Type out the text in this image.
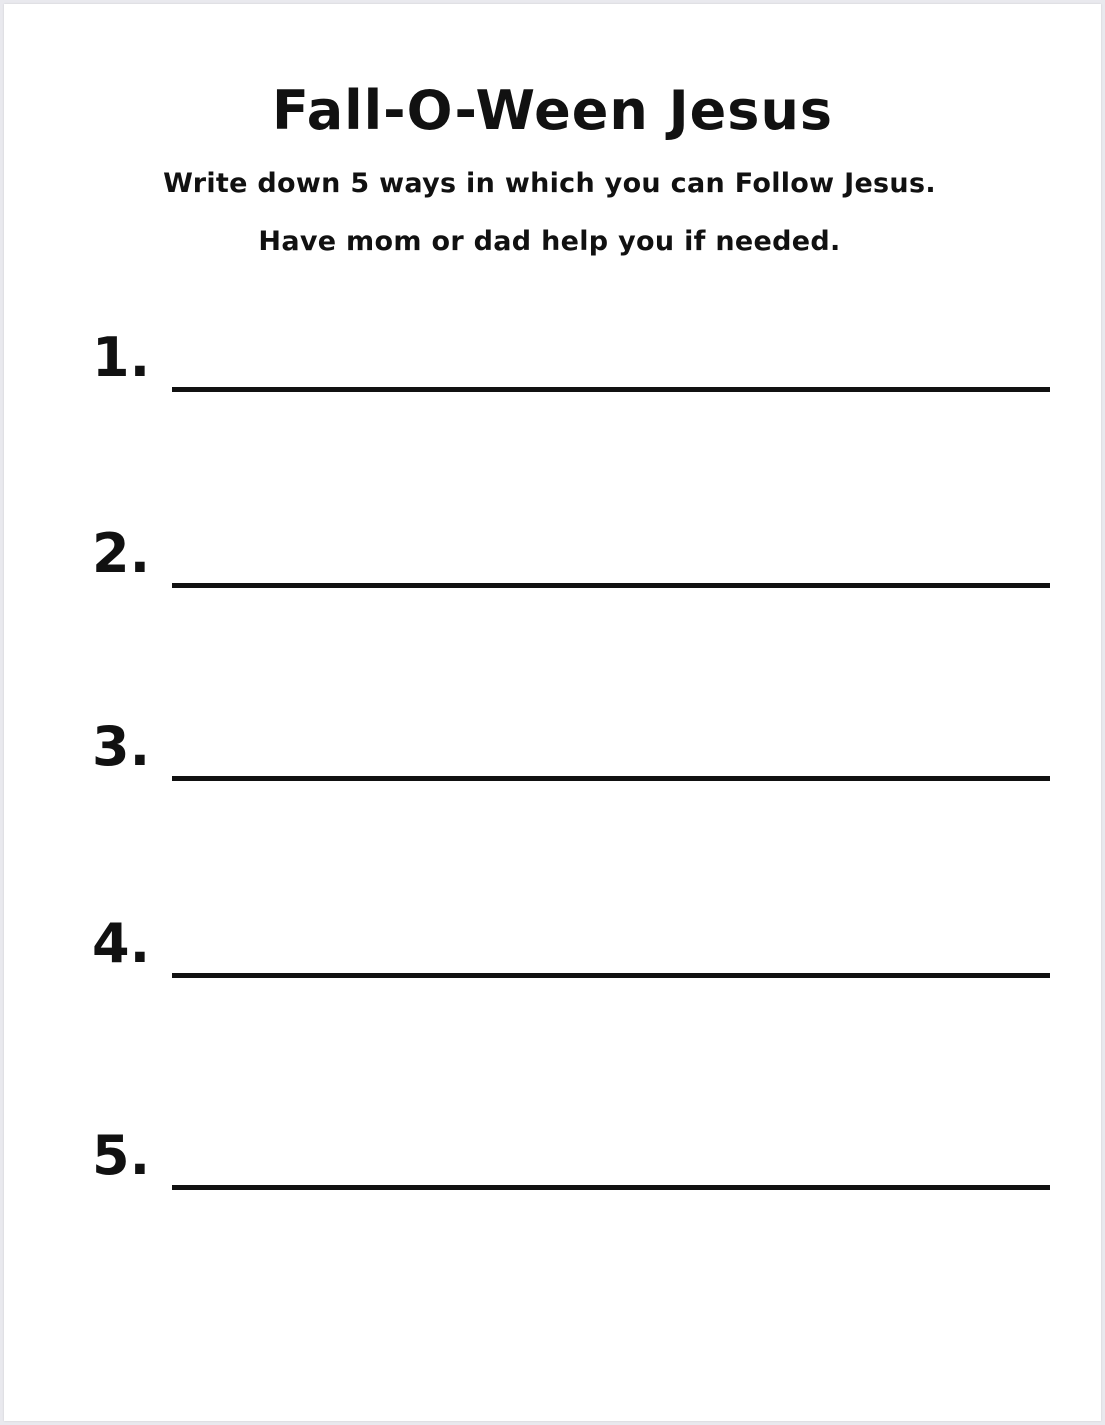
Fall-O-Ween Jesus
Write down 5 ways in which you can Follow Jesus.
Have mom or dad help you if needed.
1.
2.
3.
4.
5.
